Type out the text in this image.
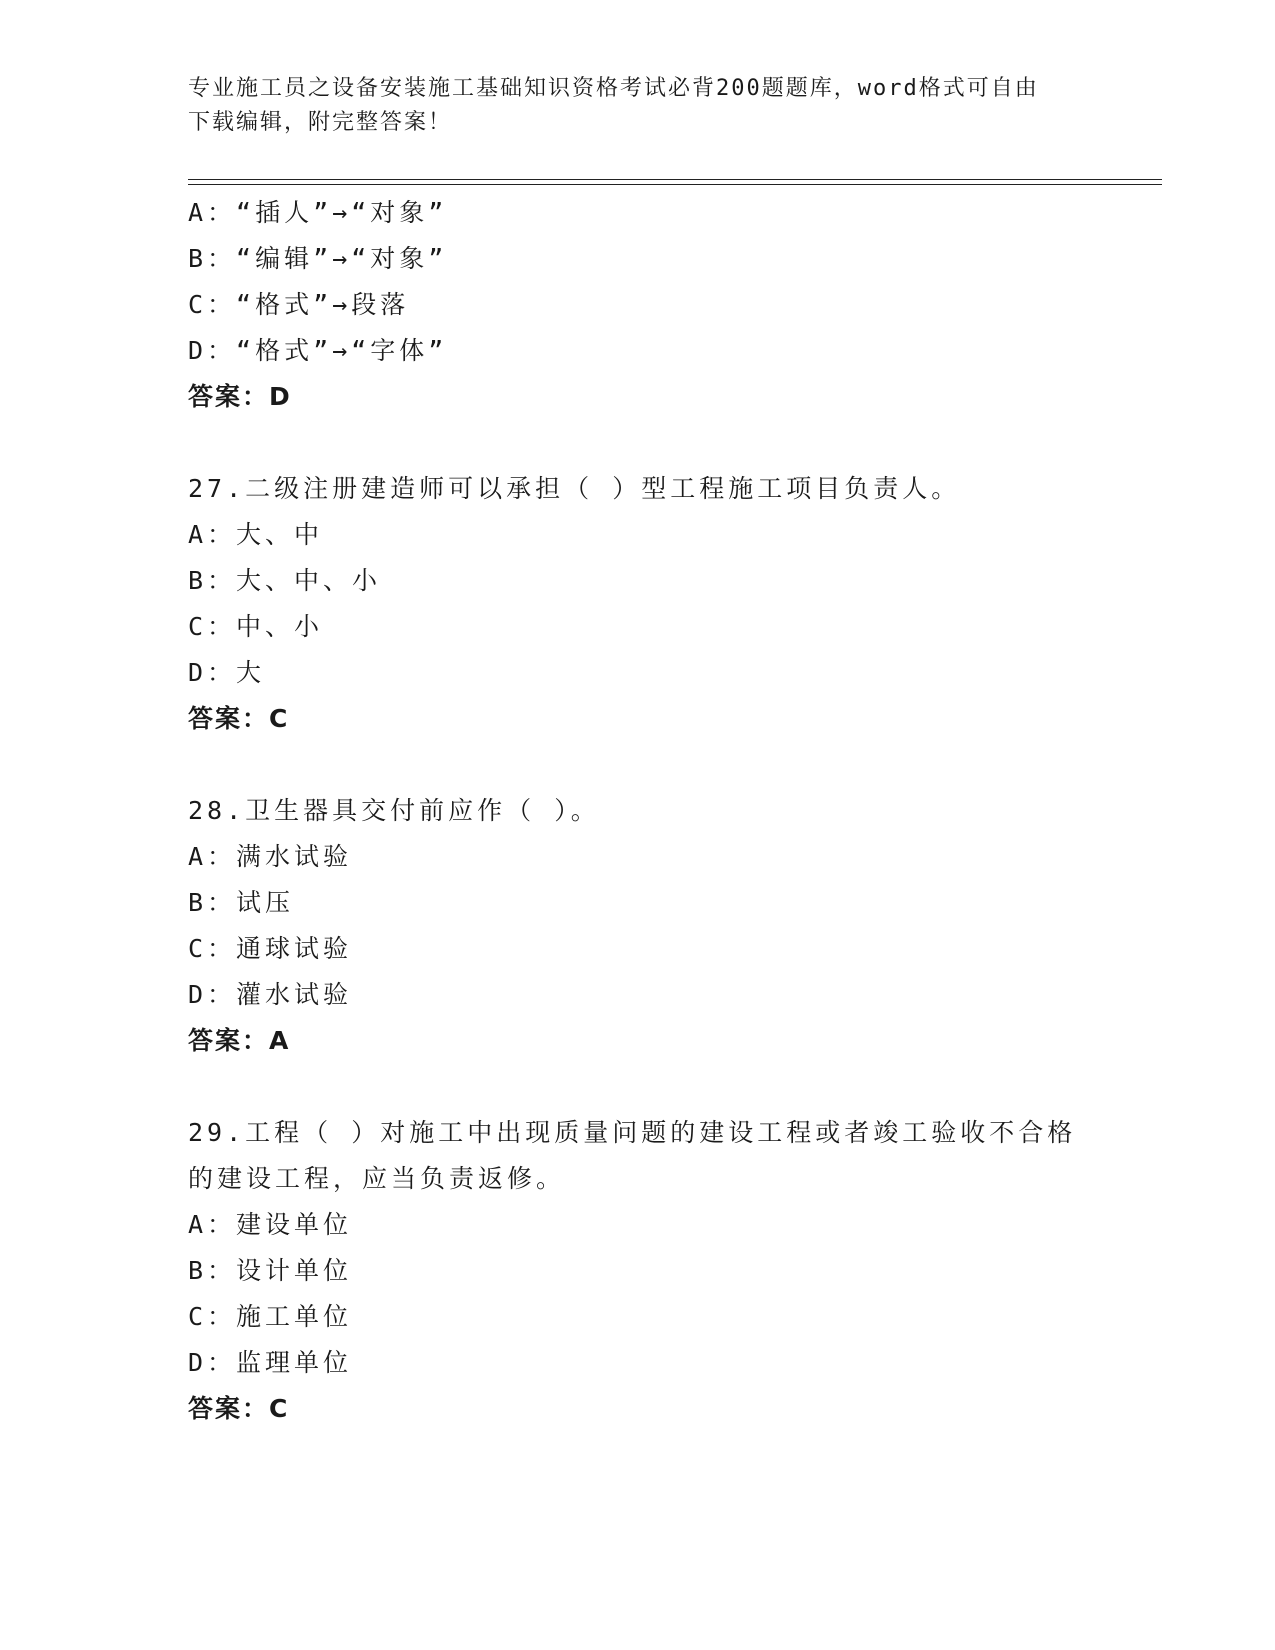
专业施工员之设备安装施工基础知识资格考试必背200题题库，word格式可自由
下载编辑，附完整答案！
A：“插人”→“对象”
B：“编辑”→“对象”
C：“格式”→段落
D：“格式”→“字体”
答案：D
27.二级注册建造师可以承担（ ）型工程施工项目负责人。
A：大、中
B：大、中、小
C：中、小
D：大
答案：C
28.卫生器具交付前应作（ ）。
A：满水试验
B：试压
C：通球试验
D：灌水试验
答案：A
29.工程（ ）对施工中出现质量问题的建设工程或者竣工验收不合格
的建设工程，应当负责返修。
A：建设单位
B：设计单位
C：施工单位
D：监理单位
答案：C
